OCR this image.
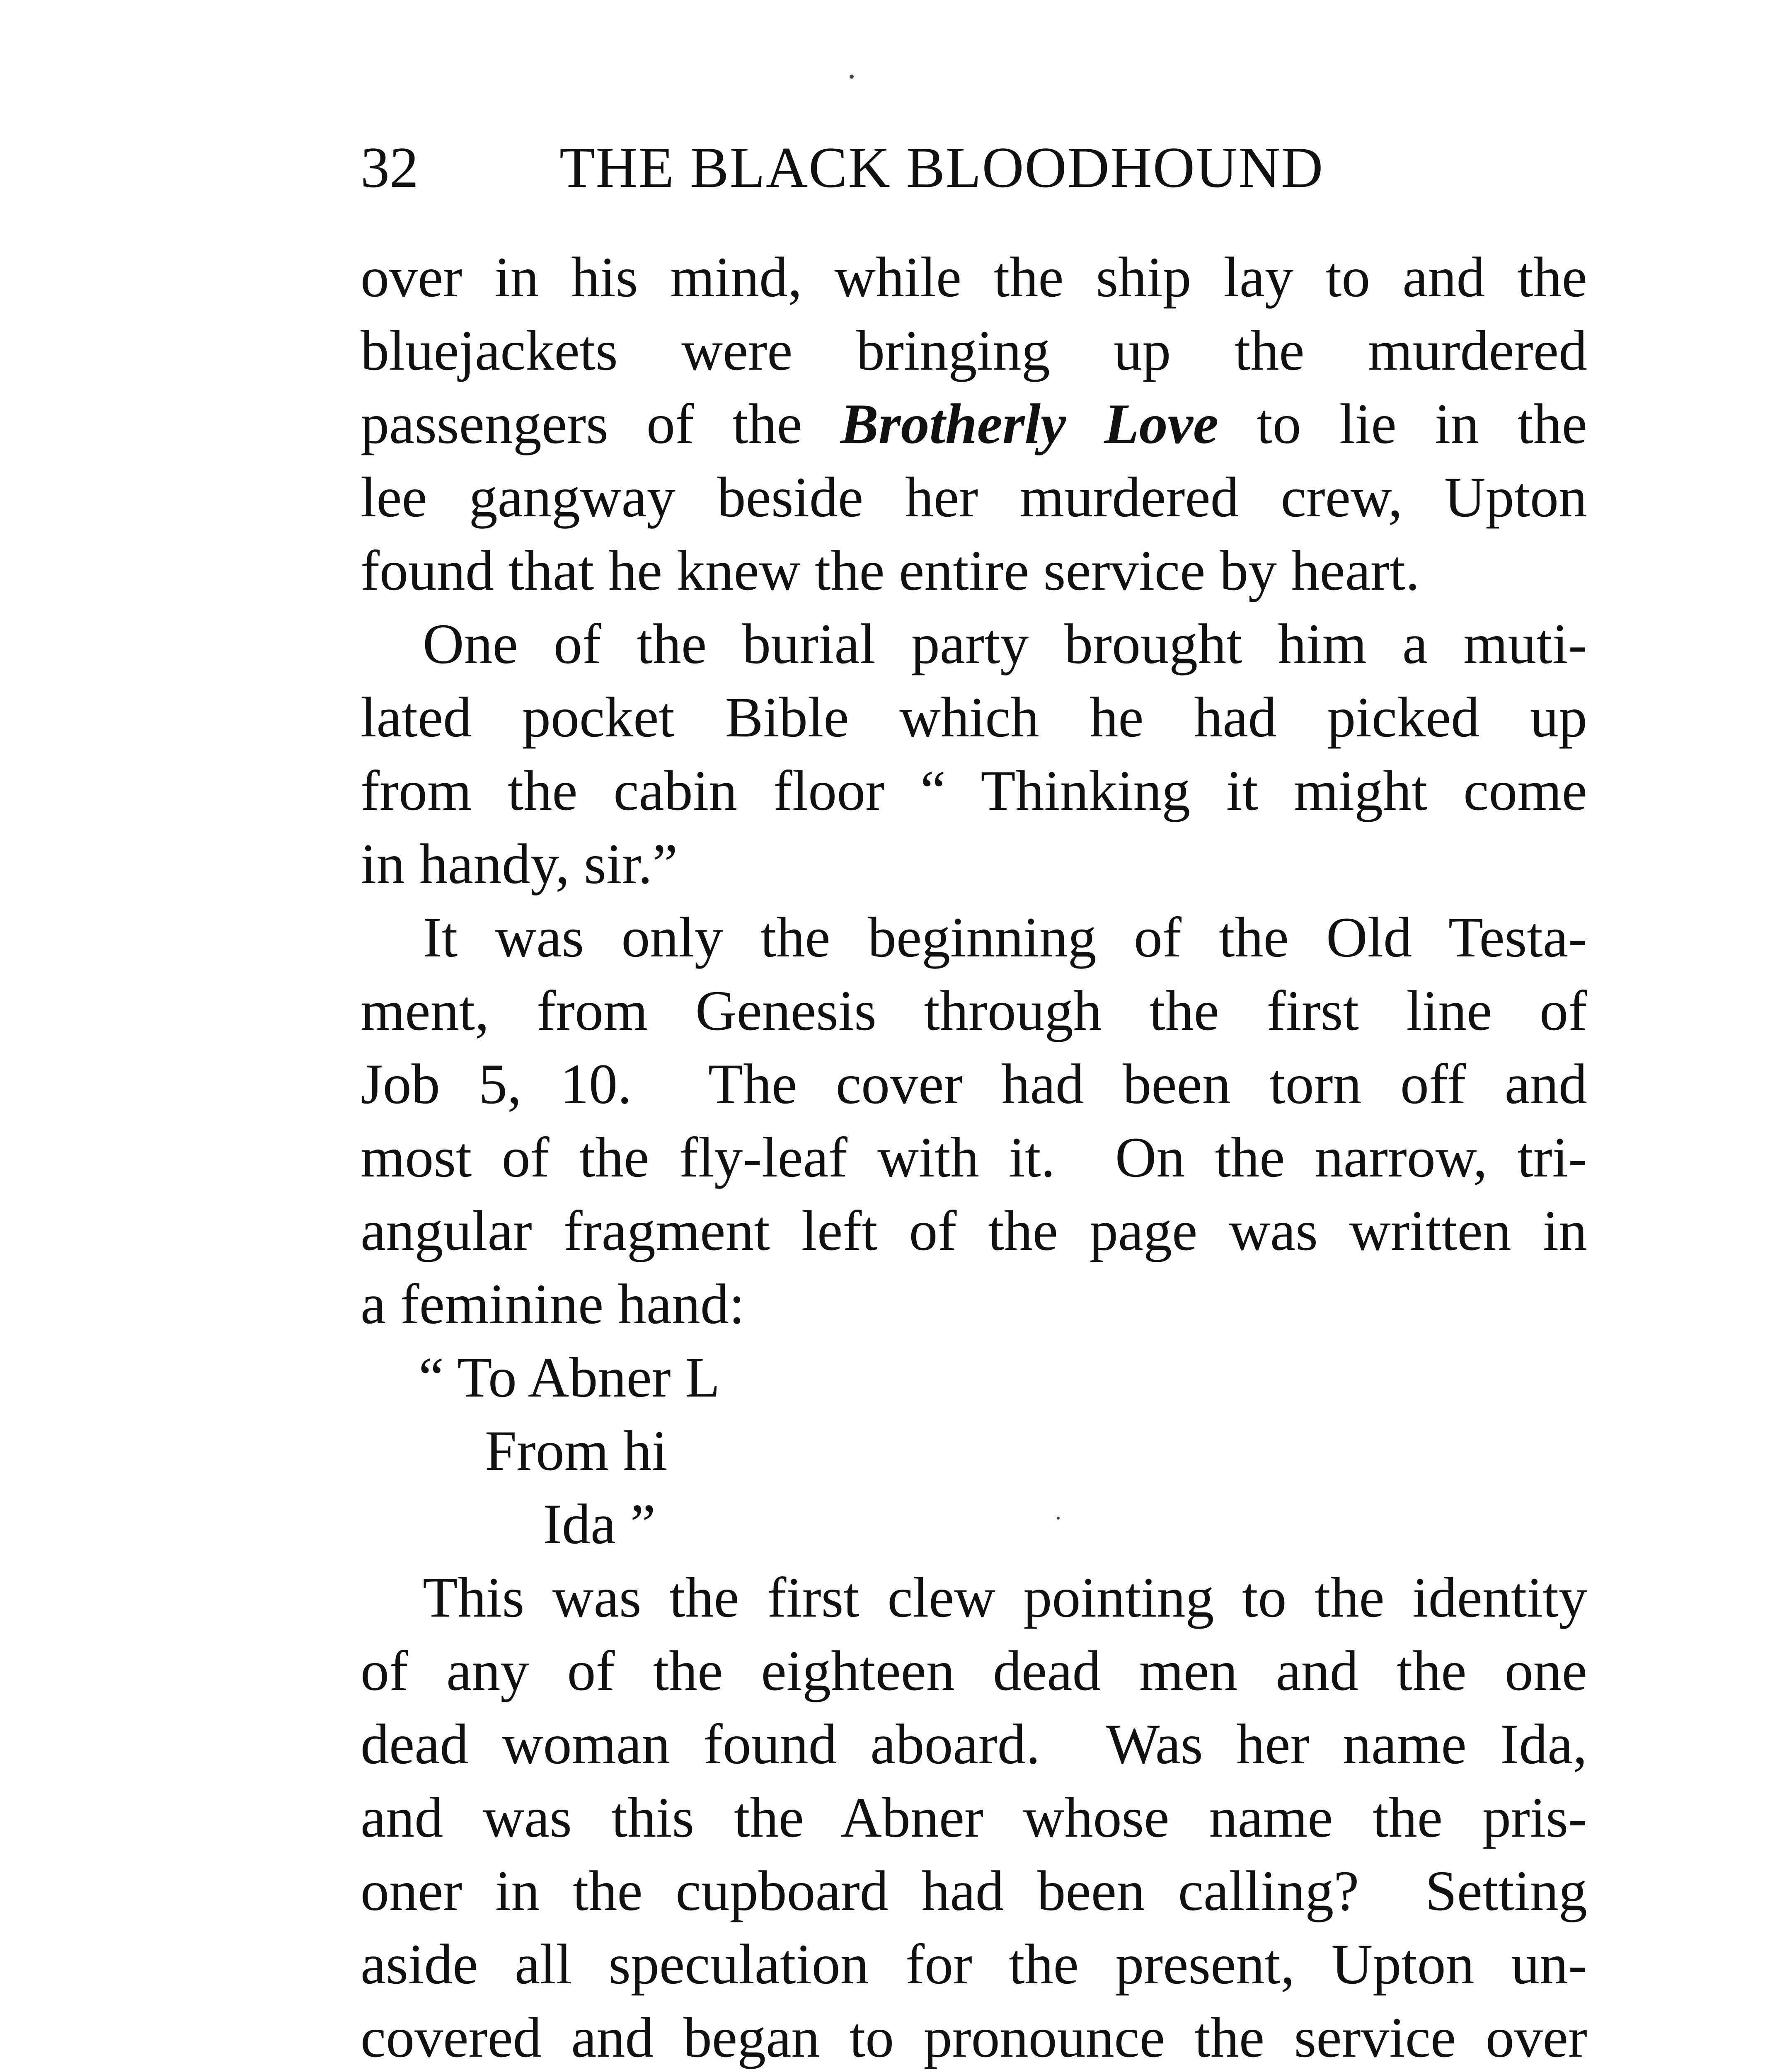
32 THE BLACK BLOODHOUND
over in his mind, while the ship lay to and the
bluejackets were bringing up the murdered
passengers of the Brotherly Love to lie in the
lee gangway beside her murdered crew, Upton
found that he knew the entire service by heart.
One of the burial party brought him a muti-
lated pocket Bible which he had picked up
from the cabin floor “ Thinking it might come
in handy, sir.”
It was only the beginning of the Old Testa-
ment, from Genesis through the first line of
Job 5, 10.  The cover had been torn off and
most of the fly-leaf with it.  On the narrow, tri-
angular fragment left of the page was written in
a feminine hand:
“ To Abner L
From hi
Ida ”
This was the first clew pointing to the identity
of any of the eighteen dead men and the one
dead woman found aboard.  Was her name Ida,
and was this the Abner whose name the pris-
oner in the cupboard had been calling?  Setting
aside all speculation for the present, Upton un-
covered and began to pronounce the service over
